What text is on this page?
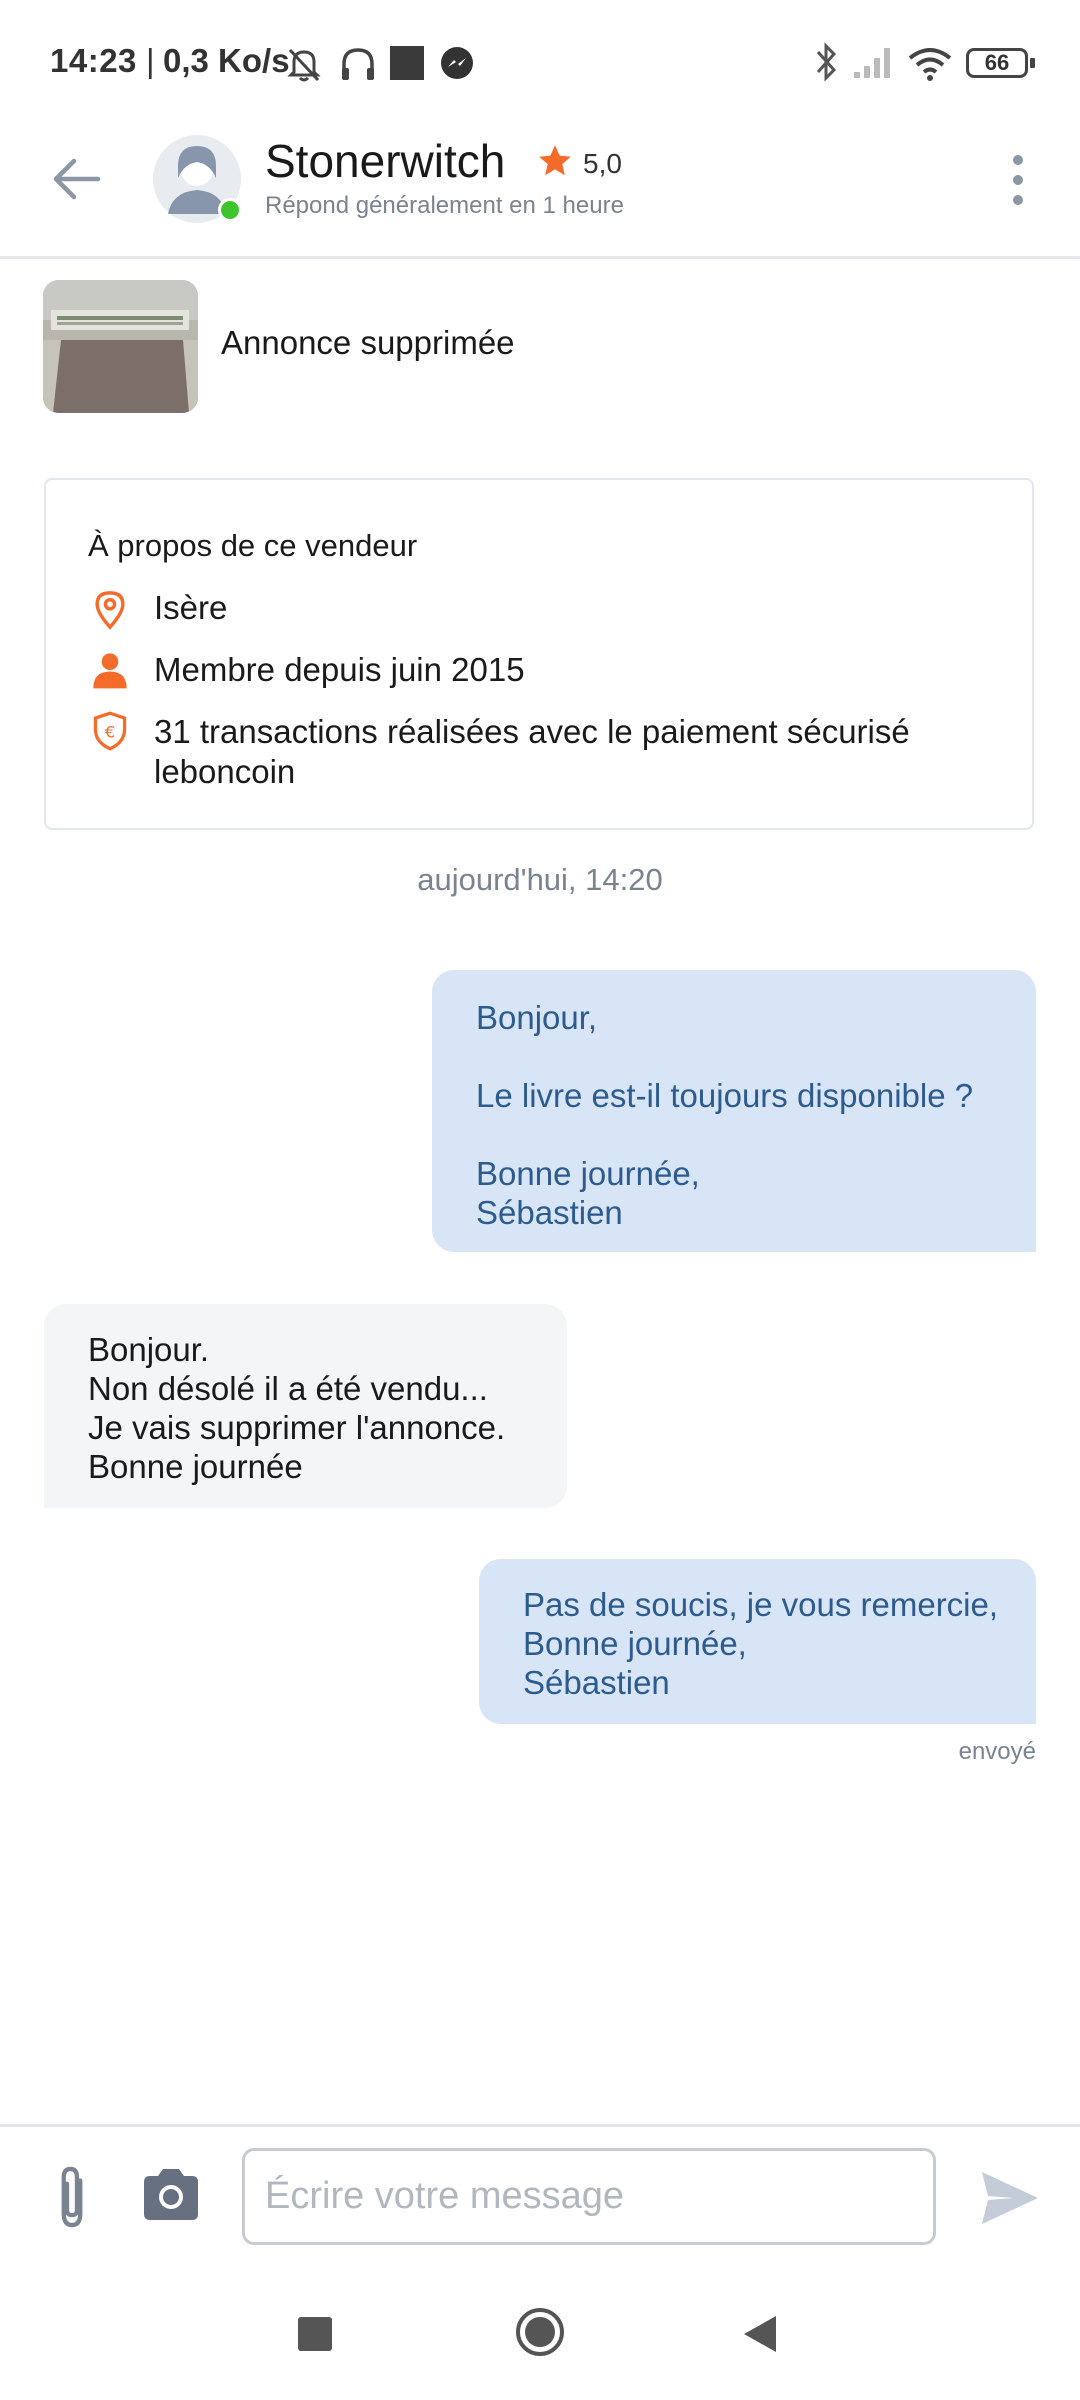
14:23 | 0,3 Ko/s	66
Stonerwitch	5,0
Répond généralement en 1 heure
Annonce supprimée
À propos de ce vendeur
Isère
Membre depuis juin 2015
€ 31 transactions réalisées avec le paiement sécurisé
leboncoin
aujourd'hui, 14:20
Bonjour,
Le livre est-il toujours disponible ?
Bonne journée,
Sébastien
Bonjour.
Non désolé il a été vendu...
Je vais supprimer l'annonce.
Bonne journée
Pas de soucis, je vous remercie,
Bonne journée,
Sébastien
envoyé
Écrire votre message
